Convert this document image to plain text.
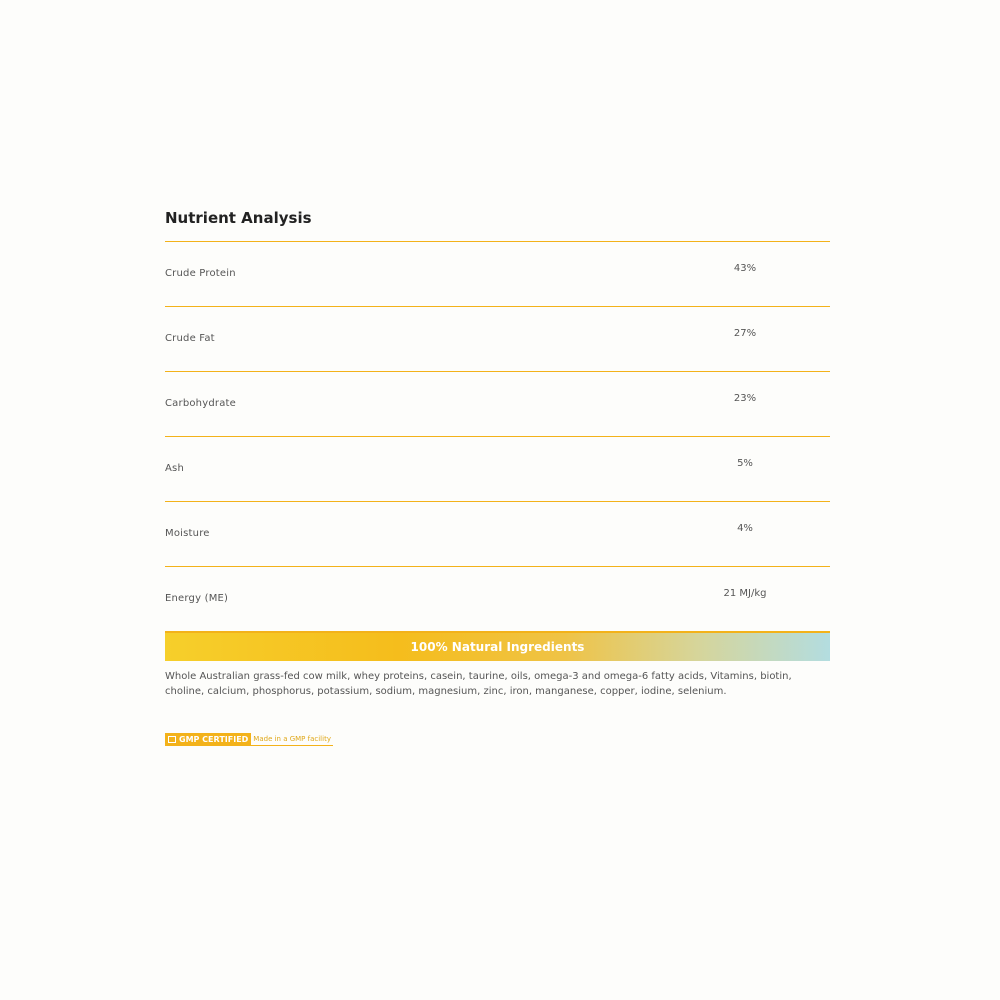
Nutrient Analysis
Crude Protein	43%
Crude Fat	27%
Carbohydrate	23%
Ash	5%
Moisture	4%
Energy (ME)	21 MJ/kg
100% Natural Ingredients

Whole Australian grass-fed cow milk, whey proteins, casein, taurine, oils, omega-3 and omega-6 fatty acids, Vitamins, biotin, choline, calcium, phosphorus, potassium, sodium, magnesium, zinc, iron, manganese, copper, iodine, selenium.

GMP CERTIFIED Made in a GMP facility
